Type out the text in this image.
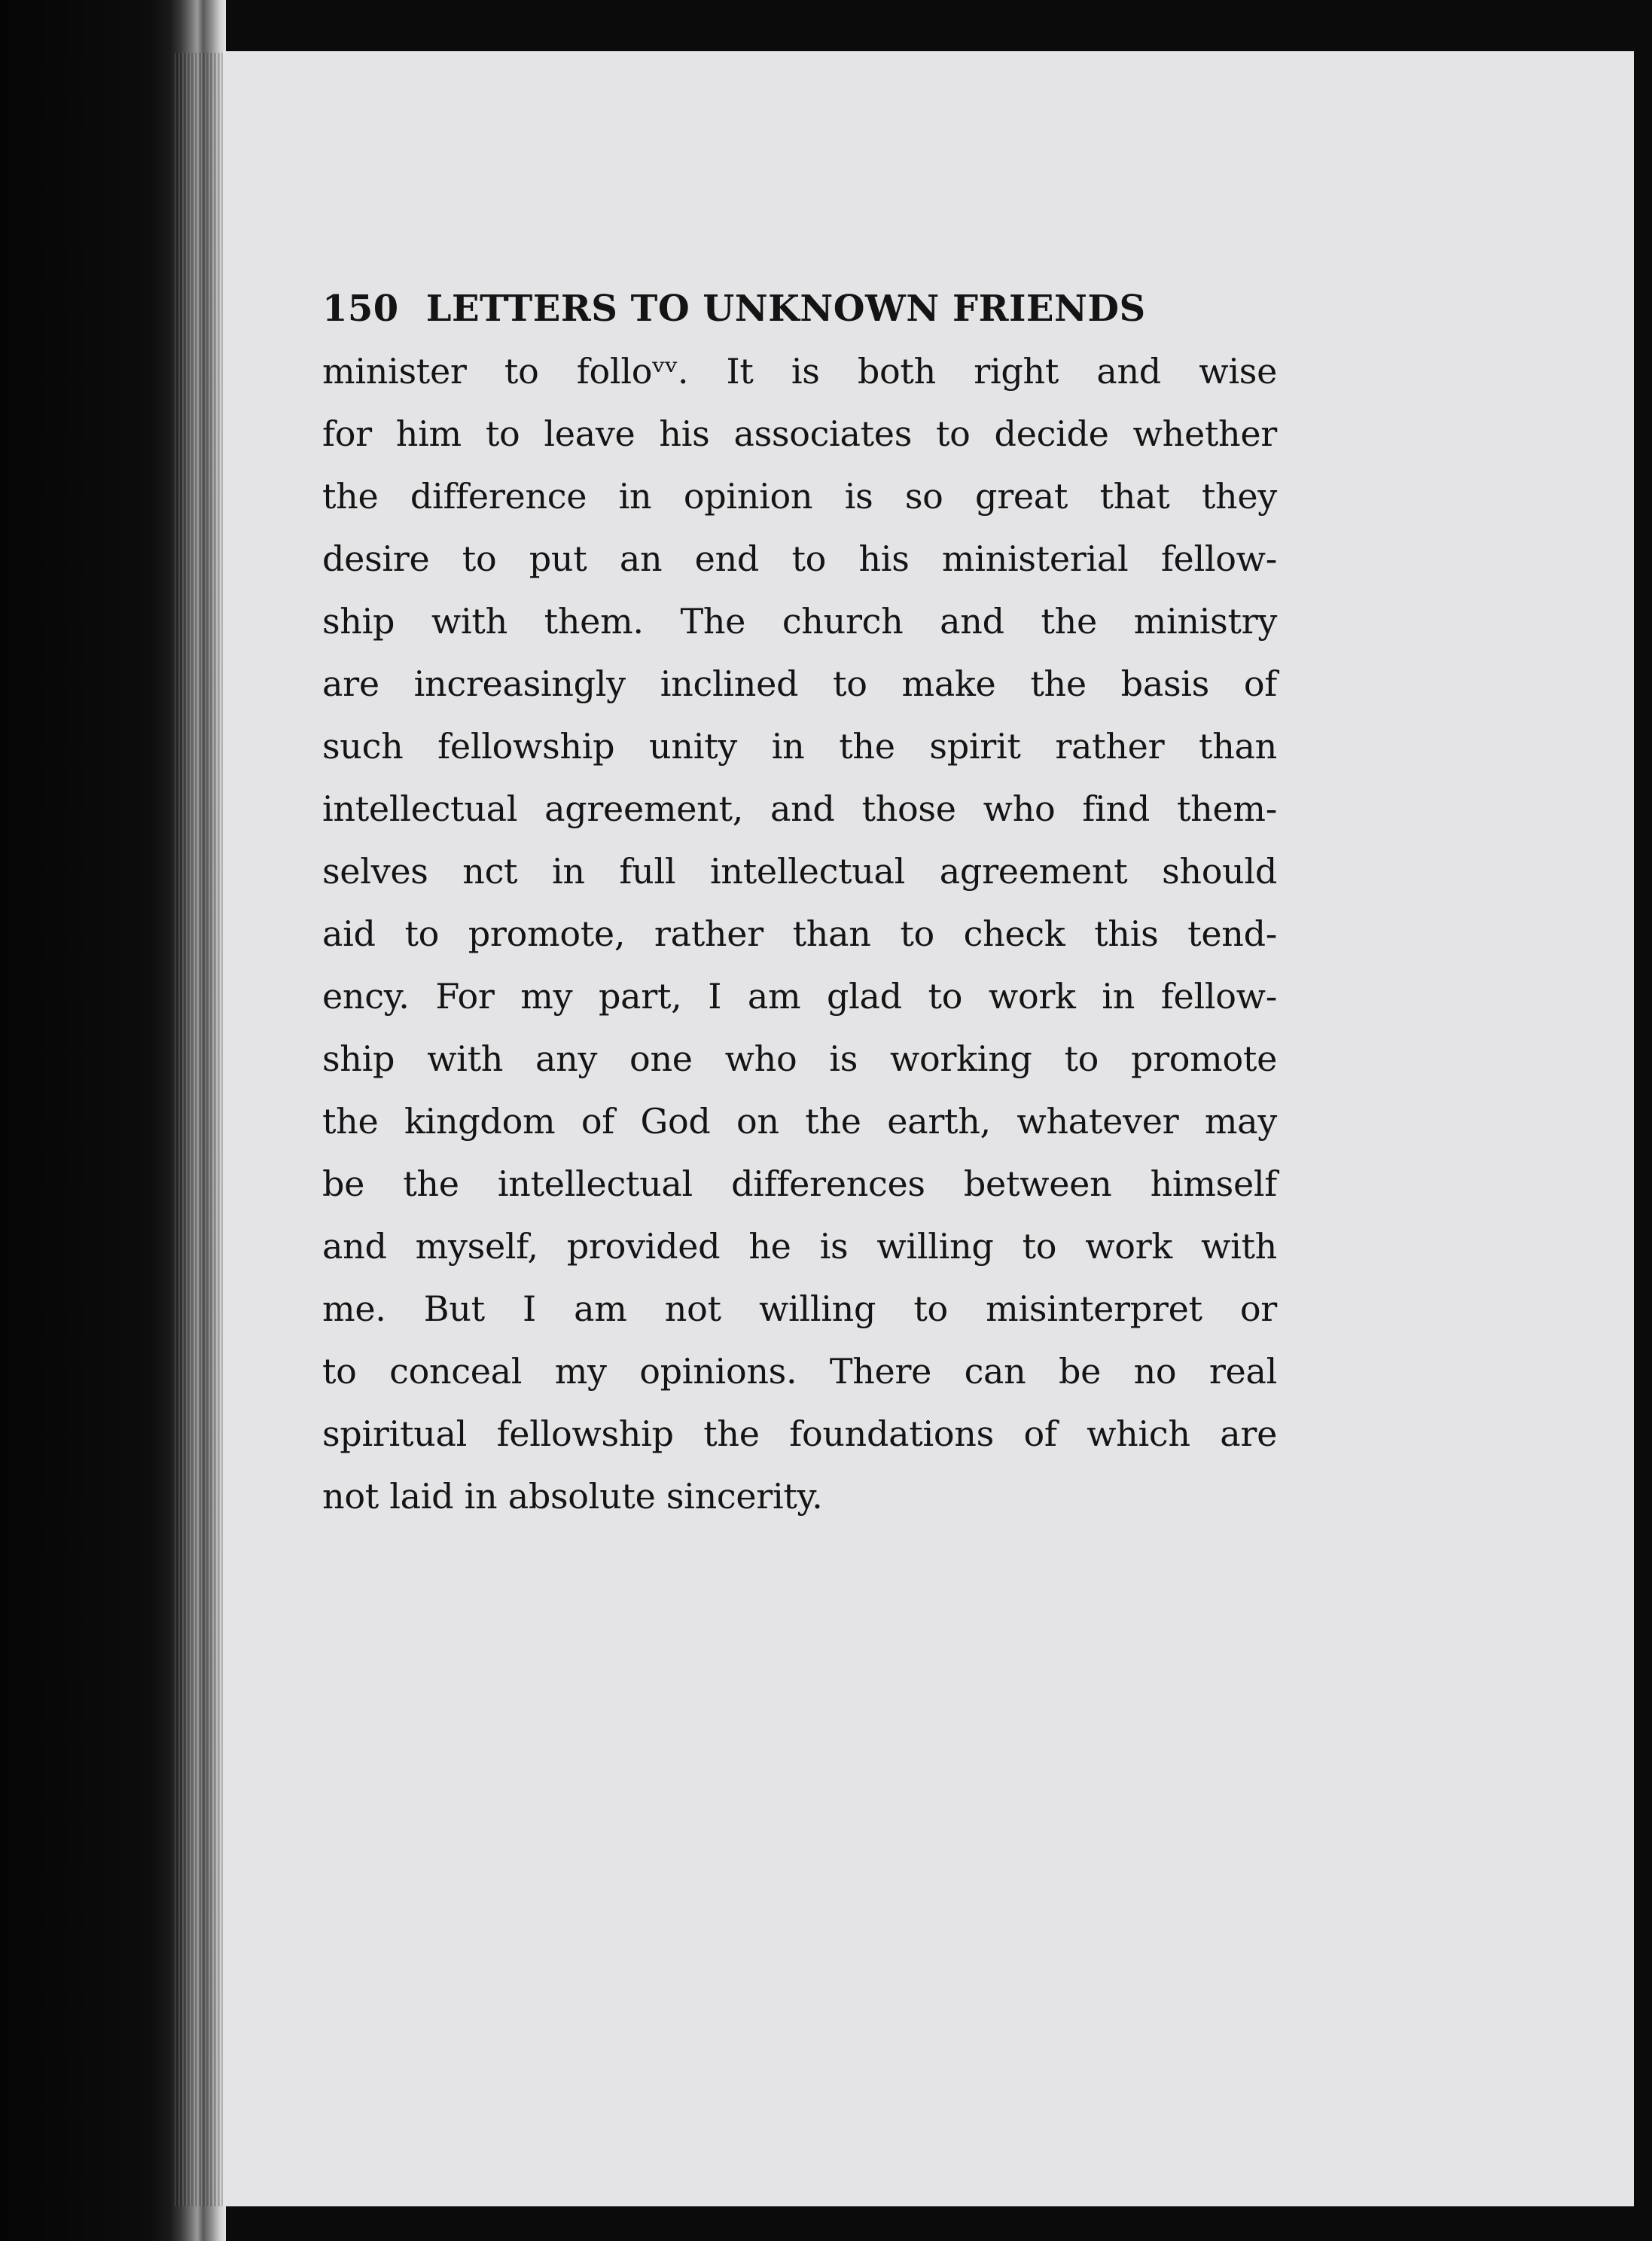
150 LETTERS TO UNKNOWN FRIENDS
minister to folloᵛᵛ. It is both right and wise
for him to leave his associates to decide whether
the difference in opinion is so great that they
desire to put an end to his ministerial fellow-
ship with them. The church and the ministry
are increasingly inclined to make the basis of
such fellowship unity in the spirit rather than
intellectual agreement, and those who find them-
selves nct in full intellectual agreement should
aid to promote, rather than to check this tend-
ency. For my part, I am glad to work in fellow-
ship with any one who is working to promote
the kingdom of God on the earth, whatever may
be the intellectual differences between himself
and myself, provided he is willing to work with
me. But I am not willing to misinterpret or
to conceal my opinions. There can be no real
spiritual fellowship the foundations of which are
not laid in absolute sincerity.
